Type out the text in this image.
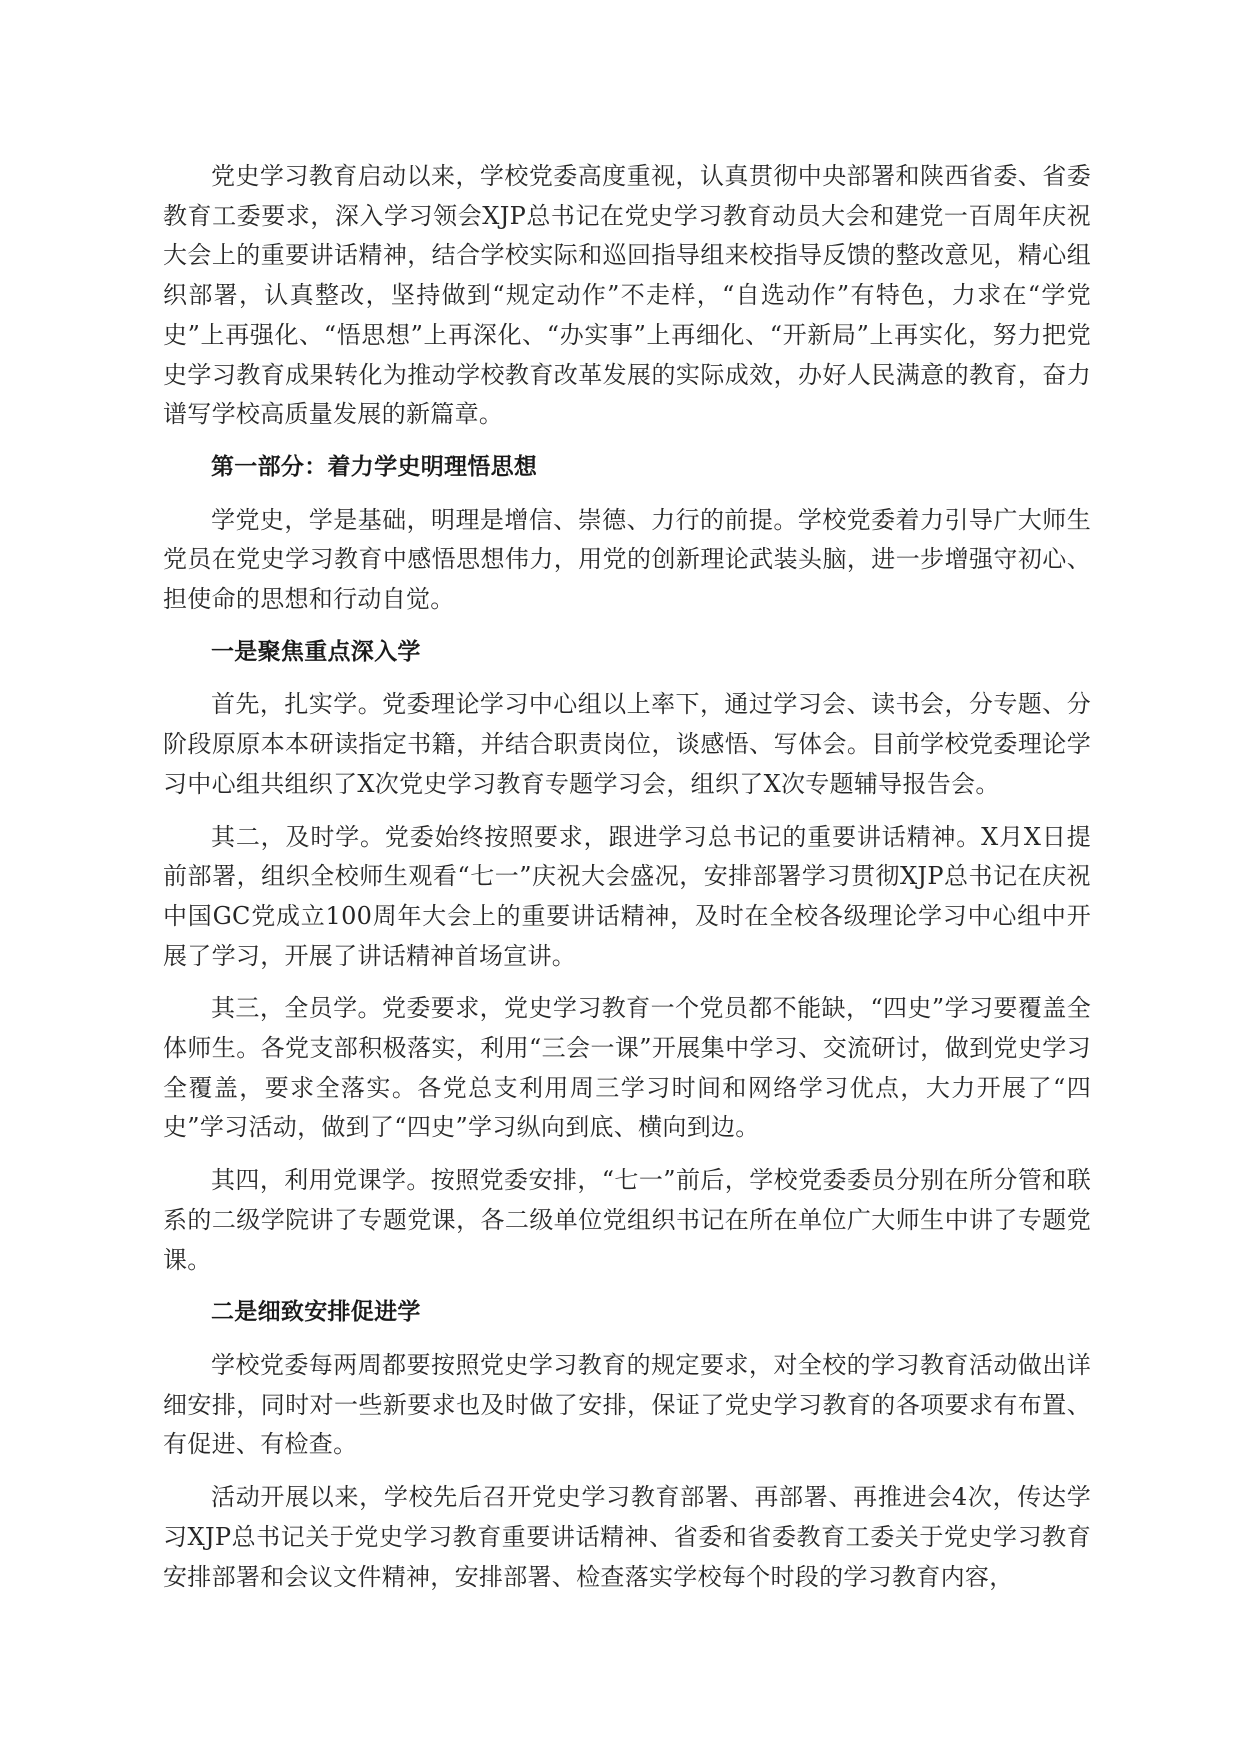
党史学习教育启动以来，学校党委高度重视，认真贯彻中央部署和陕西省委、省委教育工委要求，深入学习领会XJP总书记在党史学习教育动员大会和建党一百周年庆祝大会上的重要讲话精神，结合学校实际和巡回指导组来校指导反馈的整改意见，精心组织部署，认真整改，坚持做到“规定动作”不走样，“自选动作”有特色，力求在“学党史”上再强化、“悟思想”上再深化、“办实事”上再细化、“开新局”上再实化，努力把党史学习教育成果转化为推动学校教育改革发展的实际成效，办好人民满意的教育，奋力谱写学校高质量发展的新篇章。

第一部分：着力学史明理悟思想

学党史，学是基础，明理是增信、崇德、力行的前提。学校党委着力引导广大师生党员在党史学习教育中感悟思想伟力，用党的创新理论武装头脑，进一步增强守初心、担使命的思想和行动自觉。

一是聚焦重点深入学

首先，扎实学。党委理论学习中心组以上率下，通过学习会、读书会，分专题、分阶段原原本本研读指定书籍，并结合职责岗位，谈感悟、写体会。目前学校党委理论学习中心组共组织了X次党史学习教育专题学习会，组织了X次专题辅导报告会。

其二，及时学。党委始终按照要求，跟进学习总书记的重要讲话精神。X月X日提前部署，组织全校师生观看“七一”庆祝大会盛况，安排部署学习贯彻XJP总书记在庆祝中国GC党成立100周年大会上的重要讲话精神，及时在全校各级理论学习中心组中开展了学习，开展了讲话精神首场宣讲。

其三，全员学。党委要求，党史学习教育一个党员都不能缺，“四史”学习要覆盖全体师生。各党支部积极落实，利用“三会一课”开展集中学习、交流研讨，做到党史学习全覆盖，要求全落实。各党总支利用周三学习时间和网络学习优点，大力开展了“四史”学习活动，做到了“四史”学习纵向到底、横向到边。

其四，利用党课学。按照党委安排，“七一”前后，学校党委委员分别在所分管和联系的二级学院讲了专题党课，各二级单位党组织书记在所在单位广大师生中讲了专题党课。

二是细致安排促进学

学校党委每两周都要按照党史学习教育的规定要求，对全校的学习教育活动做出详细安排，同时对一些新要求也及时做了安排，保证了党史学习教育的各项要求有布置、有促进、有检查。

活动开展以来，学校先后召开党史学习教育部署、再部署、再推进会4次，传达学习XJP总书记关于党史学习教育重要讲话精神、省委和省委教育工委关于党史学习教育安排部署和会议文件精神，安排部署、检查落实学校每个时段的学习教育内容，
